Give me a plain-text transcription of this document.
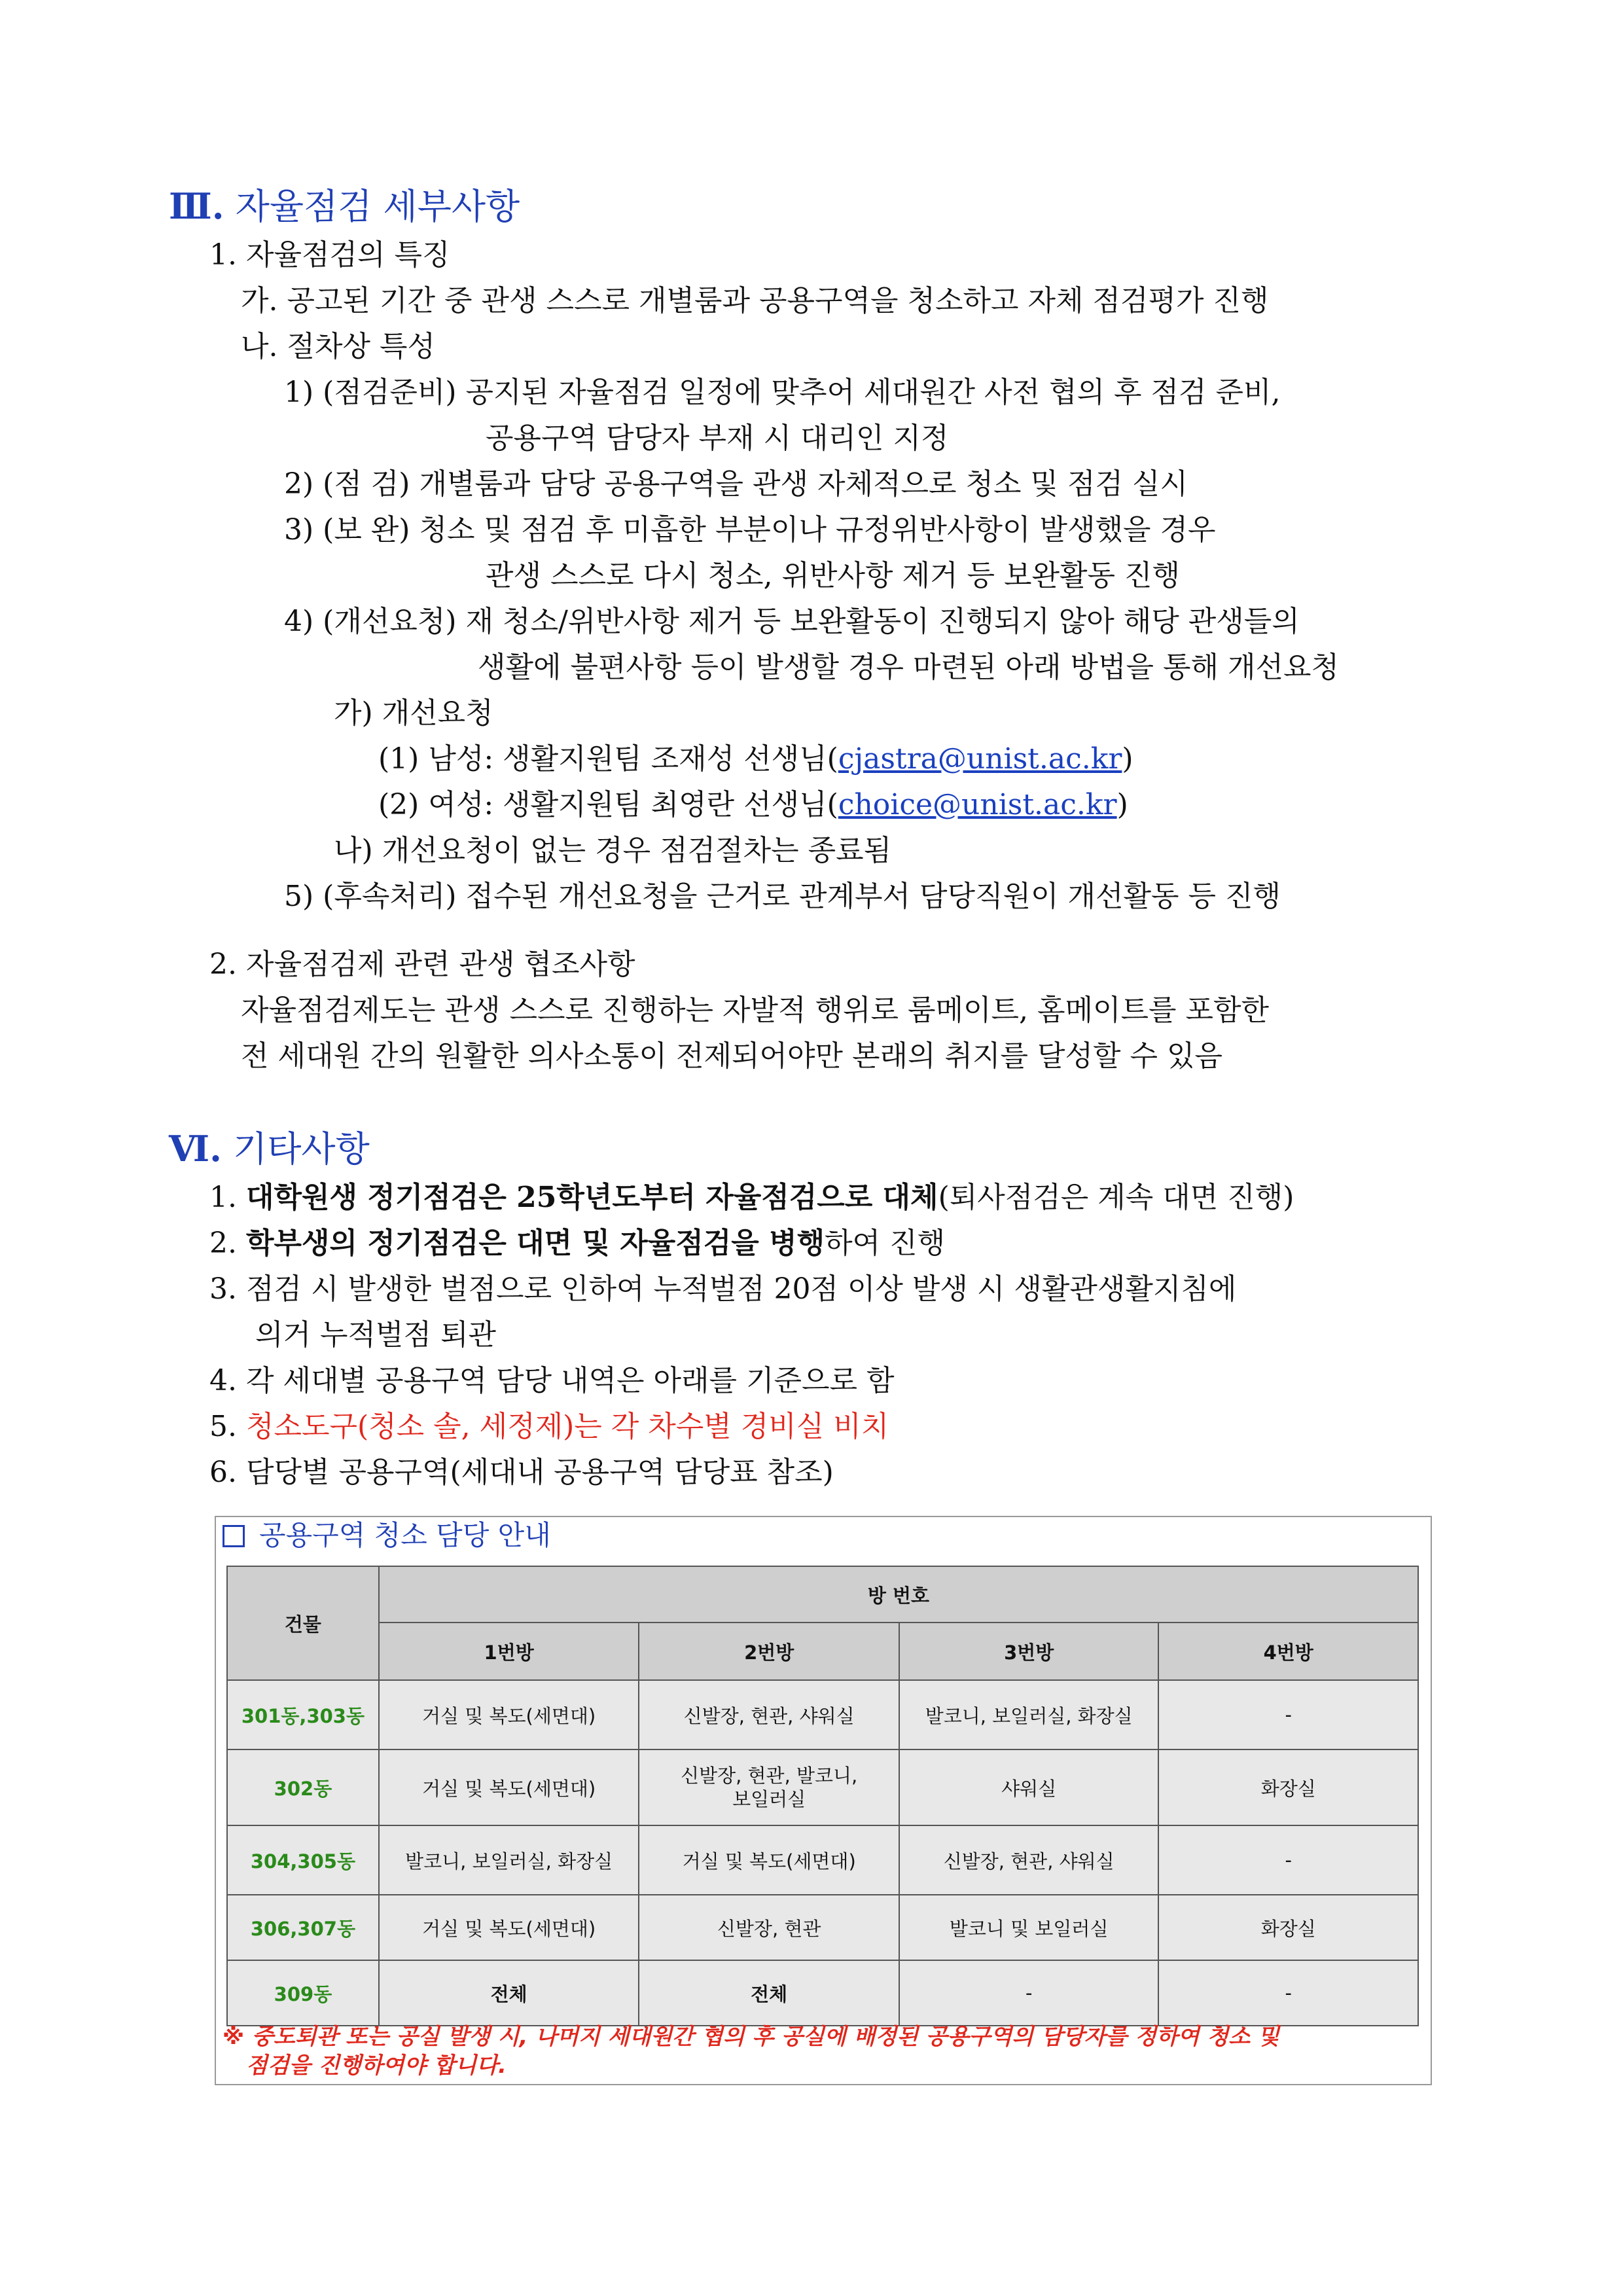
Ⅲ. 자율점검 세부사항
1. 자율점검의 특징
가. 공고된 기간 중 관생 스스로 개별룸과 공용구역을 청소하고 자체 점검평가 진행
나. 절차상 특성
1) (점검준비) 공지된 자율점검 일정에 맞추어 세대원간 사전 협의 후 점검 준비,
공용구역 담당자 부재 시 대리인 지정
2) (점 검) 개별룸과 담당 공용구역을 관생 자체적으로 청소 및 점검 실시
3) (보 완) 청소 및 점검 후 미흡한 부분이나 규정위반사항이 발생했을 경우
관생 스스로 다시 청소, 위반사항 제거 등 보완활동 진행
4) (개선요청) 재 청소/위반사항 제거 등 보완활동이 진행되지 않아 해당 관생들의
생활에 불편사항 등이 발생할 경우 마련된 아래 방법을 통해 개선요청
가) 개선요청
(1) 남성: 생활지원팀 조재성 선생님(cjastra@unist.ac.kr)
(2) 여성: 생활지원팀 최영란 선생님(choice@unist.ac.kr)
나) 개선요청이 없는 경우 점검절차는 종료됨
5) (후속처리) 접수된 개선요청을 근거로 관계부서 담당직원이 개선활동 등 진행
2. 자율점검제 관련 관생 협조사항
자율점검제도는 관생 스스로 진행하는 자발적 행위로 룸메이트, 홈메이트를 포함한
전 세대원 간의 원활한 의사소통이 전제되어야만 본래의 취지를 달성할 수 있음
Ⅵ. 기타사항
1. 대학원생 정기점검은 25학년도부터 자율점검으로 대체(퇴사점검은 계속 대면 진행)
2. 학부생의 정기점검은 대면 및 자율점검을 병행하여 진행
3. 점검 시 발생한 벌점으로 인하여 누적벌점 20점 이상 발생 시 생활관생활지침에
의거 누적벌점 퇴관
4. 각 세대별 공용구역 담당 내역은 아래를 기준으로 함
5. 청소도구(청소 솔, 세정제)는 각 차수별 경비실 비치
6. 담당별 공용구역(세대내 공용구역 담당표 참조)
공용구역 청소 담당 안내
건물	방 번호			
	1번방	2번방	3번방	4번방
301동,303동	거실 및 복도(세면대)	신발장, 현관, 샤워실	발코니, 보일러실, 화장실	-
302동	거실 및 복도(세면대)	신발장, 현관, 발코니,
보일러실	샤워실	화장실
304,305동	발코니, 보일러실, 화장실	거실 및 복도(세면대)	신발장, 현관, 샤워실	-
306,307동	거실 및 복도(세면대)	신발장, 현관	발코니 및 보일러실	화장실
309동	전체	전체	-	-
※ 중도퇴관 또는 공실 발생 시, 나머지 세대원간 협의 후 공실에 배정된 공용구역의 담당자를 정하여 청소 및
점검을 진행하여야 합니다.
